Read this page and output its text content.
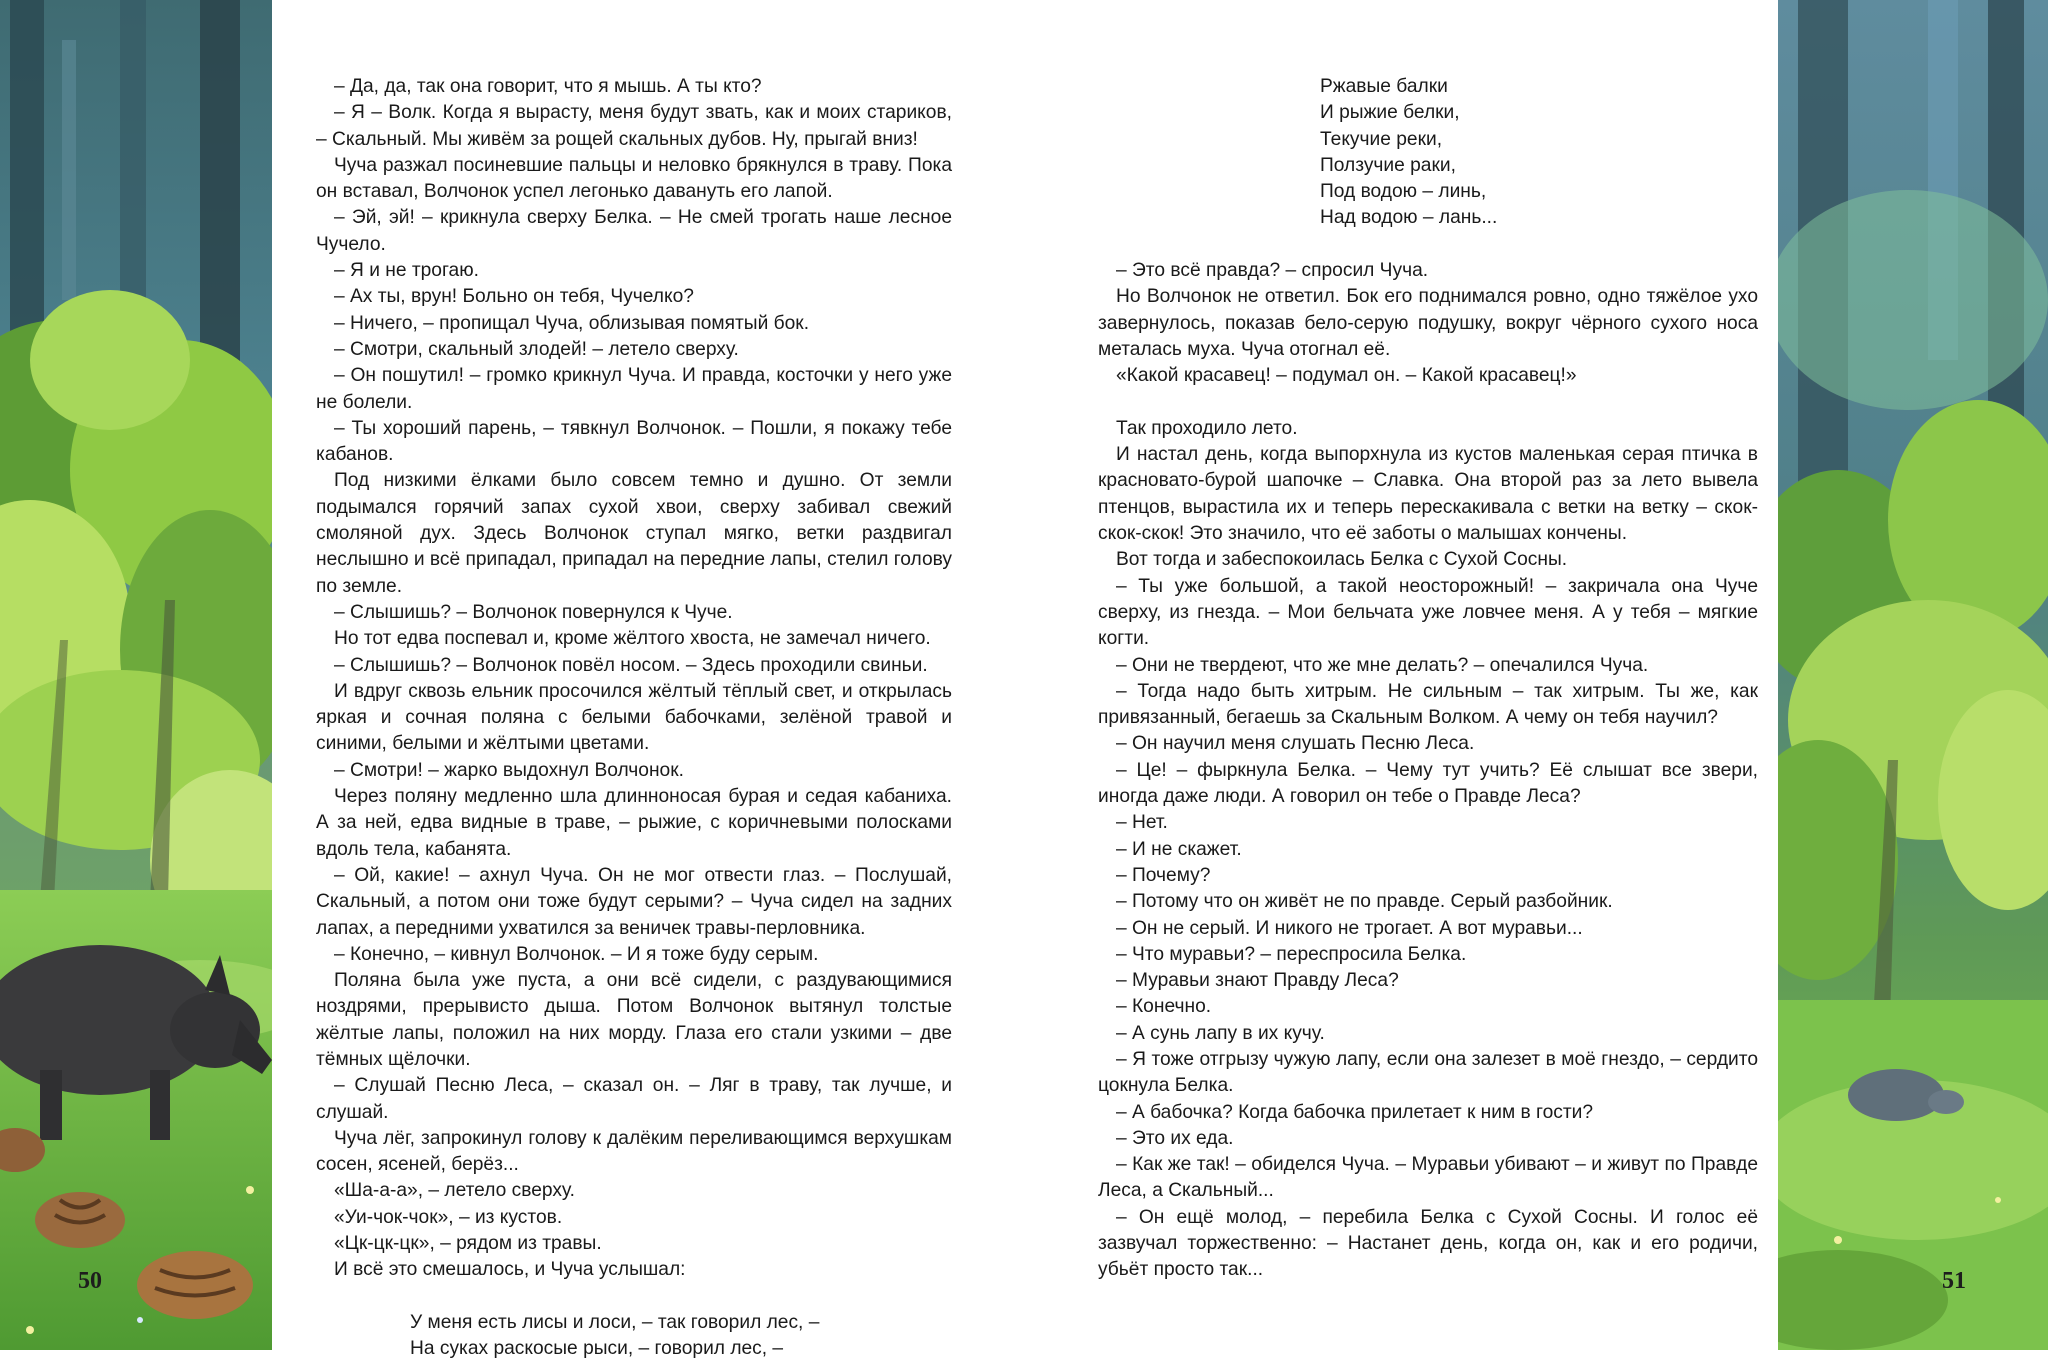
50

– Да, да, так она говорит, что я мышь. А ты кто?

– Я – Волк. Когда я вырасту, меня будут звать, как и моих стариков, – Скальный. Мы живём за рощей скальных дубов. Ну, прыгай вниз!

Чуча разжал посиневшие пальцы и неловко брякнулся в траву. Пока он вставал, Волчонок успел легонько давануть его лапой.

– Эй, эй! – крикнула сверху Белка. – Не смей трогать наше лесное Чучело.

– Я и не трогаю.

– Ах ты, врун! Больно он тебя, Чучелко?

– Ничего, – пропищал Чуча, облизывая помятый бок.

– Смотри, скальный злодей! – летело сверху.

– Он пошутил! – громко крикнул Чуча. И правда, косточки у него уже не болели.

– Ты хороший парень, – тявкнул Волчонок. – Пошли, я покажу тебе кабанов.

Под низкими ёлками было совсем темно и душно. От земли подымался горячий запах сухой хвои, сверху забивал свежий смоляной дух. Здесь Волчонок ступал мягко, ветки раздвигал неслышно и всё припадал, припадал на передние лапы, стелил голову по земле.

– Слышишь? – Волчонок повернулся к Чуче.

Но тот едва поспевал и, кроме жёлтого хвоста, не замечал ничего.

– Слышишь? – Волчонок повёл носом. – Здесь проходили свиньи.

И вдруг сквозь ельник просочился жёлтый тёплый свет, и открылась яркая и сочная поляна с белыми бабочками, зелёной травой и синими, белыми и жёлтыми цветами.

– Смотри! – жарко выдохнул Волчонок.

Через поляну медленно шла длинноносая бурая и седая кабаниха. А за ней, едва видные в траве, – рыжие, с коричневыми полосками вдоль тела, кабанята.

– Ой, какие! – ахнул Чуча. Он не мог отвести глаз. – Послушай, Скальный, а потом они тоже будут серыми? – Чуча сидел на задних лапах, а передними ухватился за веничек травы-перловника.

– Конечно, – кивнул Волчонок. – И я тоже буду серым.

Поляна была уже пуста, а они всё сидели, с раздувающимися ноздрями, прерывисто дыша. Потом Волчонок вытянул толстые жёлтые лапы, положил на них морду. Глаза его стали узкими – две тёмных щёлочки.

– Слушай Песню Леса, – сказал он. – Ляг в траву, так лучше, и слушай.

Чуча лёг, запрокинул голову к далёким переливающимся верхушкам сосен, ясеней, берёз...

«Ша-а-а», – летело сверху.

«Уи-чок-чок», – из кустов.

«Цк-цк-цк», – рядом из травы.

И всё это смешалось, и Чуча услышал:

У меня есть лисы и лоси, – так говорил лес, –

На суках раскосые рыси, – говорил лес, –

Ржавые балки

И рыжие белки,

Текучие реки,

Ползучие раки,

Под водою – линь,

Над водою – лань...

– Это всё правда? – спросил Чуча.

Но Волчонок не ответил. Бок его поднимался ровно, одно тяжёлое ухо завернулось, показав бело-серую подушку, вокруг чёрного сухого носа металась муха. Чуча отогнал её.

«Какой красавец! – подумал он. – Какой красавец!»

Так проходило лето.

И настал день, когда выпорхнула из кустов маленькая серая птичка в красновато-бурой шапочке – Славка. Она второй раз за лето вывела птенцов, вырастила их и теперь перескакивала с ветки на ветку – скок-скок-скок! Это значило, что её заботы о малышах кончены.

Вот тогда и забеспокоилась Белка с Сухой Сосны.

– Ты уже большой, а такой неосторожный! – закричала она Чуче сверху, из гнезда. – Мои бельчата уже ловчее меня. А у тебя – мягкие когти.

– Они не твердеют, что же мне делать? – опечалился Чуча.

– Тогда надо быть хитрым. Не сильным – так хитрым. Ты же, как привязанный, бегаешь за Скальным Волком. А чему он тебя научил?

– Он научил меня слушать Песню Леса.

– Це! – фыркнула Белка. – Чему тут учить? Её слышат все звери, иногда даже люди. А говорил он тебе о Правде Леса?

– Нет.

– И не скажет.

– Почему?

– Потому что он живёт не по правде. Серый разбойник.

– Он не серый. И никого не трогает. А вот муравьи...

– Что муравьи? – переспросила Белка.

– Муравьи знают Правду Леса?

– Конечно.

– А сунь лапу в их кучу.

– Я тоже отгрызу чужую лапу, если она залезет в моё гнездо, – сердито цокнула Белка.

– А бабочка? Когда бабочка прилетает к ним в гости?

– Это их еда.

– Как же так! – обиделся Чуча. – Муравьи убивают – и живут по Правде Леса, а Скальный...

– Он ещё молод, – перебила Белка с Сухой Сосны. И голос её зазвучал торжественно: – Настанет день, когда он, как и его родичи, убьёт просто так...	51
